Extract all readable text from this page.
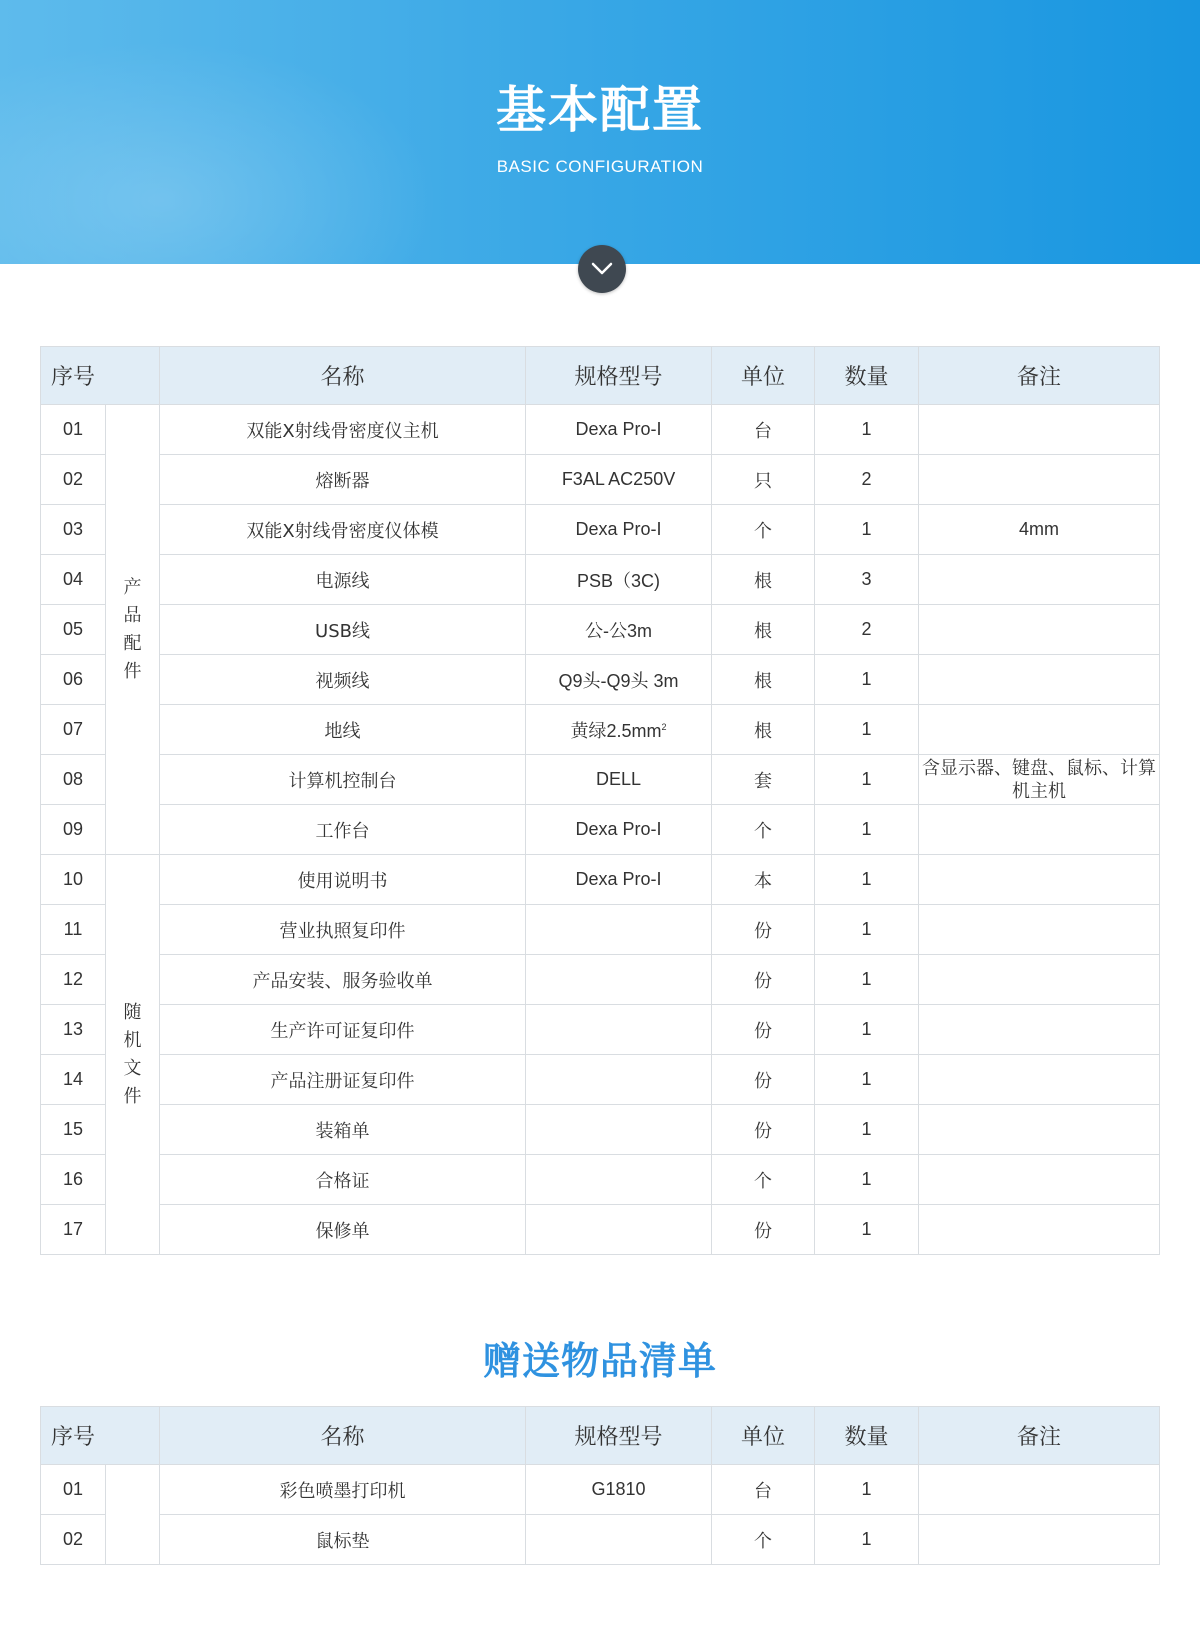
基本配置
BASIC CONFIGURATION
序号		名称	规格型号	单位	数量	备注
01	产品配件	双能X射线骨密度仪主机	Dexa Pro-I	台	1	
02		熔断器	F3AL AC250V	只	2	
03		双能X射线骨密度仪体模	Dexa Pro-I	个	1	4mm
04		电源线	PSB（3C)	根	3	
05		USB线	公-公3m	根	2	
06		视频线	Q9头-Q9头 3m	根	1	
07		地线	黄绿$2.5mm^2$	根	1	
08		计算机控制台	DELL	套	1	含显示器、键盘、鼠标、计算机主机
09		工作台	Dexa Pro-I	个	1	
10	随机文件	使用说明书	Dexa Pro-I	本	1	
11		营业执照复印件		份	1	
12		产品安装、服务验收单		份	1	
13		生产许可证复印件		份	1	
14		产品注册证复印件		份	1	
15		装箱单		份	1	
16		合格证		个	1	
17		保修单		份	1	
赠送物品清单
序号		名称	规格型号	单位	数量	备注
01		彩色喷墨打印机	G1810	台	1	
02		鼠标垫		个	1	
